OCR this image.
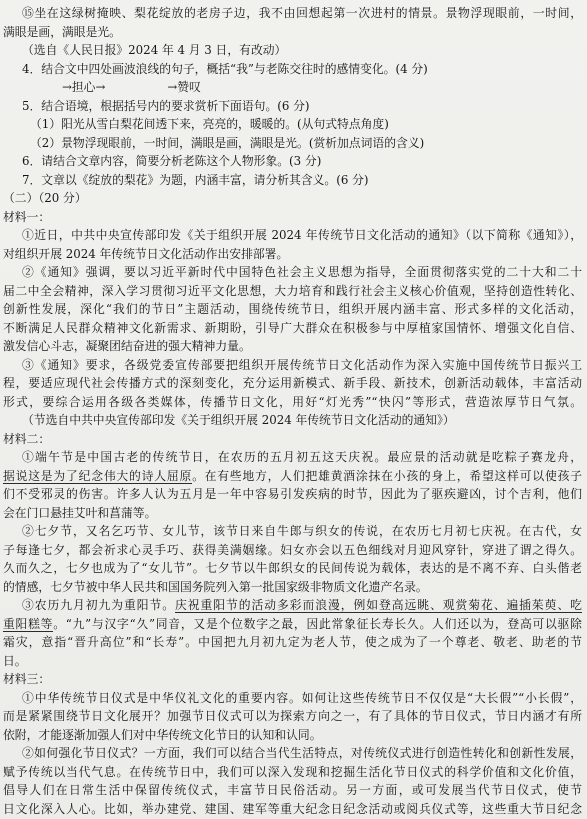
⑮坐在这绿树掩映、梨花绽放的老房子边，我不由回想起第一次进村的情景。景物浮现眼前，一时间，
满眼是画，满眼是光。
（选自《人民日报》2024 年 4 月 3 日，有改动）
4．结合文中四处画波浪线的句子，概括“我”与老陈交往时的感情变化。(4 分)
→担心→	→赞叹
5．结合语境，根据括号内的要求赏析下面语句。(6 分)
（1）阳光从雪白梨花间透下来，亮亮的，暖暖的。(从句式特点角度)
（2）景物浮现眼前，一时间，满眼是画，满眼是光。(赏析加点词语的含义)
6．请结合文章内容，简要分析老陈这个人物形象。(3 分)
7．文章以《绽放的梨花》为题，内涵丰富，请分析其含义。(6 分)
（二）（20 分）
材料一：
①近日，中共中央宣传部印发《关于组织开展 2024 年传统节日文化活动的通知》（以下简称《通知》），
对组织开展 2024 年传统节日文化活动作出安排部署。
②《通知》强调，要以习近平新时代中国特色社会主义思想为指导，全面贯彻落实党的二十大和二十
届二中全会精神，深入学习贯彻习近平文化思想，大力培育和践行社会主义核心价值观，坚持创造性转化、
创新性发展，深化“我们的节日”主题活动，围绕传统节日，组织开展内涵丰富、形式多样的文化活动，
不断满足人民群众精神文化新需求、新期盼，引导广大群众在积极参与中厚植家国情怀、增强文化自信、
激发信心斗志，凝聚团结奋进的强大精神力量。
③《通知》要求，各级党委宣传部要把组织开展传统节日文化活动作为深入实施中国传统节日振兴工
程，要适应现代社会传播方式的深刻变化，充分运用新模式、新手段、新技术，创新活动载体，丰富活动
形式，要综合运用各级各类媒体，传播节日文化，用好“灯光秀”“快闪”等形式，营造浓厚节日气氛。
（节选自中共中央宣传部印发《关于组织开展 2024 年传统节日文化活动的通知》）
材料二：
①端午节是中国古老的传统节日，在农历的五月初五这天庆祝。最应景的活动就是吃粽子赛龙舟，
据说这是为了纪念伟大的诗人屈原。在有些地方，人们把雄黄酒涂抹在小孩的身上，希望这样可以使孩子
们不受邪灵的伤害。许多人认为五月是一年中容易引发疾病的时节，因此为了驱疾避凶，讨个吉利，他们
会在门口悬挂艾叶和菖蒲等。
②七夕节，又名乞巧节、女儿节，该节日来自牛郎与织女的传说，在农历七月初七庆祝。在古代，女
子每逢七夕，都会祈求心灵手巧、获得美满姻缘。妇女亦会以五色细线对月迎风穿针，穿进了谓之得久。
久而久之，七夕也成为了“女儿节”。七夕节以牛郎织女的民间传说为载体，表达的是不离不弃、白头偕老
的情感，七夕节被中华人民共和国国务院列入第一批国家级非物质文化遗产名录。
③农历九月初九为重阳节。庆祝重阳节的活动多彩而浪漫，例如登高远眺、观赏菊花、遍插茱萸、吃
重阳糕等。“九”与汉字“久”同音，又是个位数字之最，因此常象征长寿长久。人们还以为，登高可以驱除
霜灾，意指“晋升高位”和“长寿”。中国把九月初九定为老人节，使之成为了一个尊老、敬老、助老的节
日。
材料三：
①中华传统节日仪式是中华仪礼文化的重要内容。如何让这些传统节日不仅仅是“大长假”“小长假”，
而是紧紧围绕节日文化展开？加强节日仪式可以为探索方向之一，有了具体的节日仪式，节日内涵才有所
依附，才能逐渐加强人们对中华传统文化节日的认知和认同。
②如何强化节日仪式？一方面，我们可以结合当代生活特点，对传统仪式进行创造性转化和创新性发展，
赋予传统以当代气息。在传统节日中，我们可以深入发现和挖掘生活化节日仪式的科学价值和文化价值，
倡导人们在日常生活中保留传统仪式，丰富节日民俗活动。另一方面，或可发展当代节日仪式，使节
日文化深入人心。比如，举办建党、建国、建军等重大纪念日纪念活动或阅兵仪式等，这些重大节日纪念
